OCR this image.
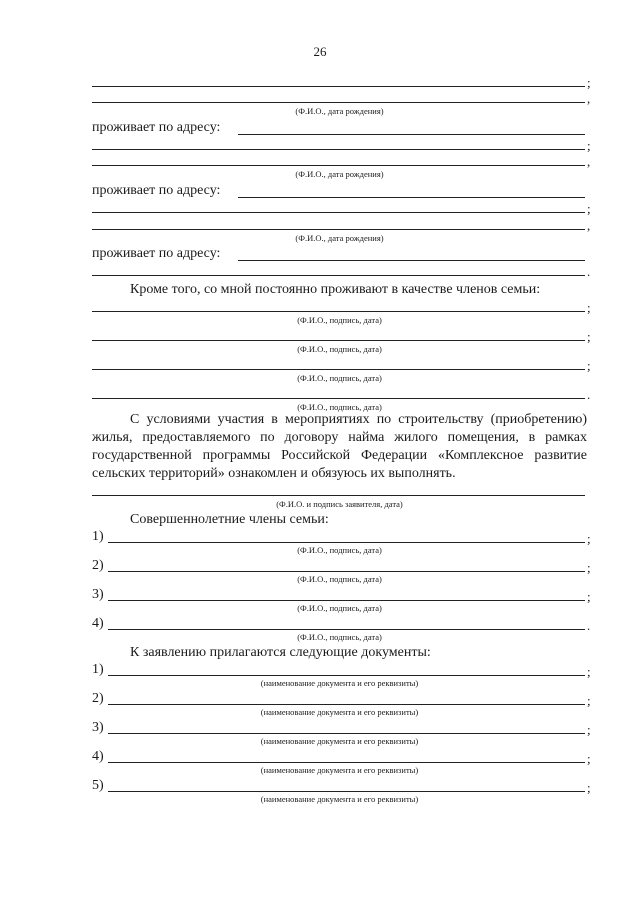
26
;
,
(Ф.И.О., дата рождения)
проживает по адресу:
;
,
(Ф.И.О., дата рождения)
проживает по адресу:
;
,
(Ф.И.О., дата рождения)
проживает по адресу:
.
Кроме того, со мной постоянно проживают в качестве членов семьи:
;
(Ф.И.О., подпись, дата)
;
(Ф.И.О., подпись, дата)
;
(Ф.И.О., подпись, дата)
.
(Ф.И.О., подпись, дата)
С условиями участия в мероприятиях по строительству (приобретению) жилья, предоставляемого по договору найма жилого помещения, в рамках государственной программы Российской Федерации «Комплексное развитие сельских территорий» ознакомлен и обязуюсь их выполнять.
(Ф.И.О. и подпись заявителя, дата)
Совершеннолетние члены семьи:
1)	;
(Ф.И.О., подпись, дата)
2)	;
(Ф.И.О., подпись, дата)
3)	;
(Ф.И.О., подпись, дата)
4)	.
(Ф.И.О., подпись, дата)
К заявлению прилагаются следующие документы:
1)	;
(наименование документа и его реквизиты)
2)	;
(наименование документа и его реквизиты)
3)	;
(наименование документа и его реквизиты)
4)	;
(наименование документа и его реквизиты)
5)	;
(наименование документа и его реквизиты)
